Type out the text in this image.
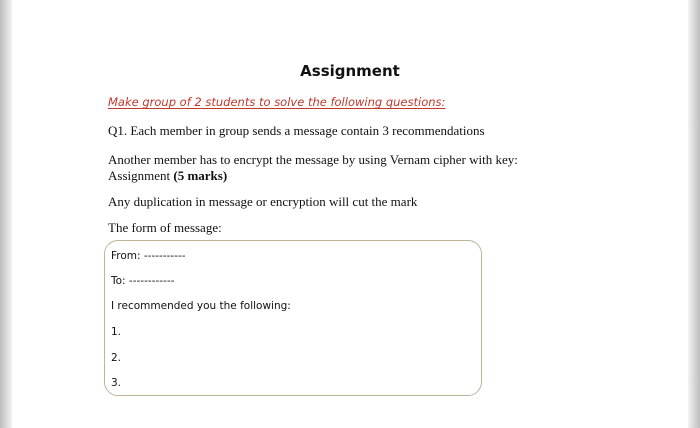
Assignment
Make group of 2 students to solve the following questions:
Q1. Each member in group sends a message contain 3 recommendations
Another member has to encrypt the message by using Vernam cipher with key:
Assignment (5 marks)
Any duplication in message or encryption will cut the mark
The form of message:
From: -----------
To: ------------
I recommended you the following:
1.
2.
3.
